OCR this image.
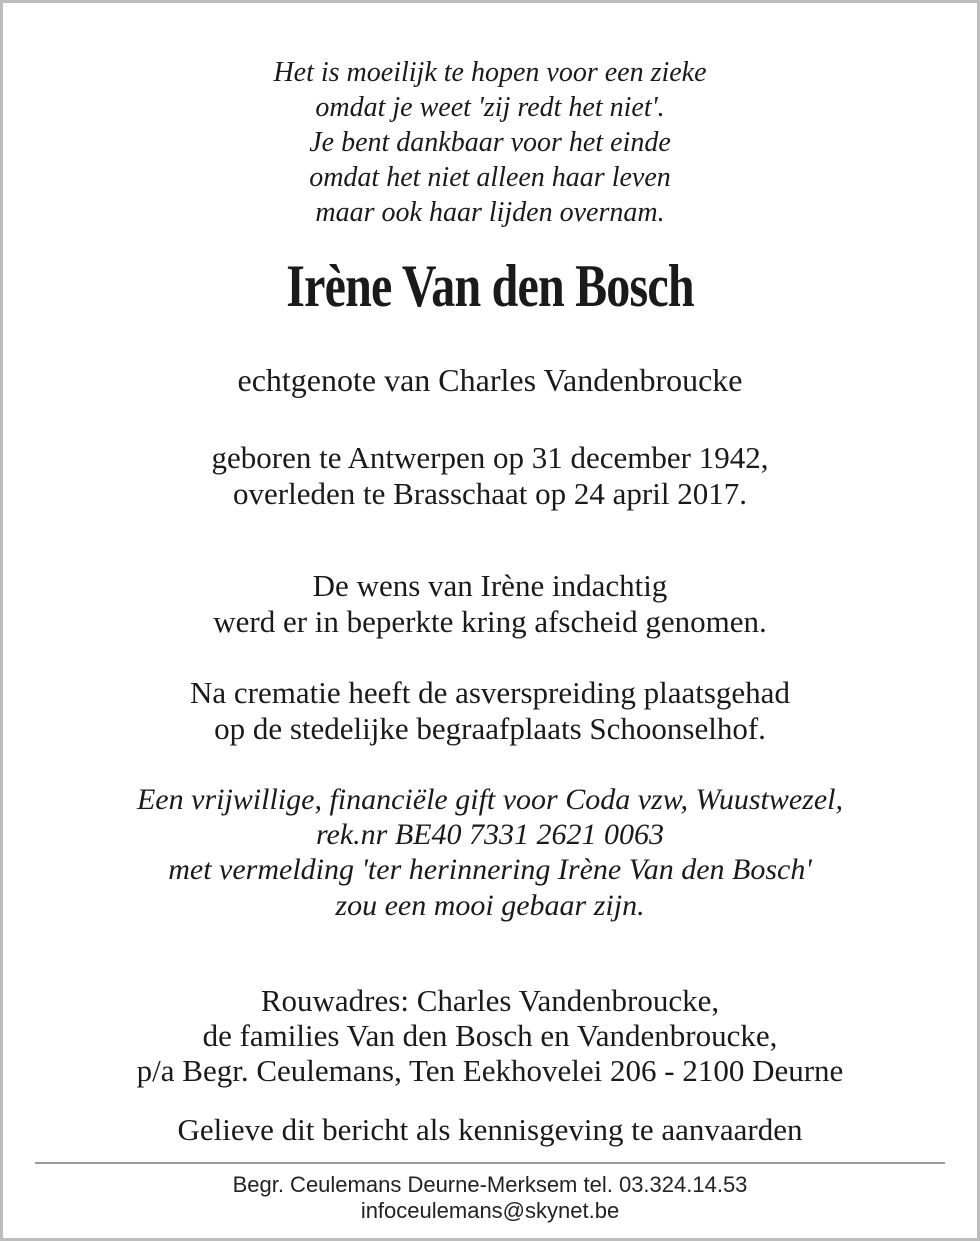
Het is moeilijk te hopen voor een zieke
omdat je weet 'zij redt het niet'.
Je bent dankbaar voor het einde
omdat het niet alleen haar leven
maar ook haar lijden overnam.
Irène Van den Bosch
echtgenote van Charles Vandenbroucke
geboren te Antwerpen op 31 december 1942,
overleden te Brasschaat op 24 april 2017.
De wens van Irène indachtig
werd er in beperkte kring afscheid genomen.
Na crematie heeft de asverspreiding plaatsgehad
op de stedelijke begraafplaats Schoonselhof.
Een vrijwillige, financiële gift voor Coda vzw, Wuustwezel,
rek.nr BE40 7331 2621 0063
met vermelding 'ter herinnering Irène Van den Bosch'
zou een mooi gebaar zijn.
Rouwadres: Charles Vandenbroucke,
de families Van den Bosch en Vandenbroucke,
p/a Begr. Ceulemans, Ten Eekhovelei 206 - 2100 Deurne
Gelieve dit bericht als kennisgeving te aanvaarden
Begr. Ceulemans Deurne-Merksem tel. 03.324.14.53
infoceulemans@skynet.be
